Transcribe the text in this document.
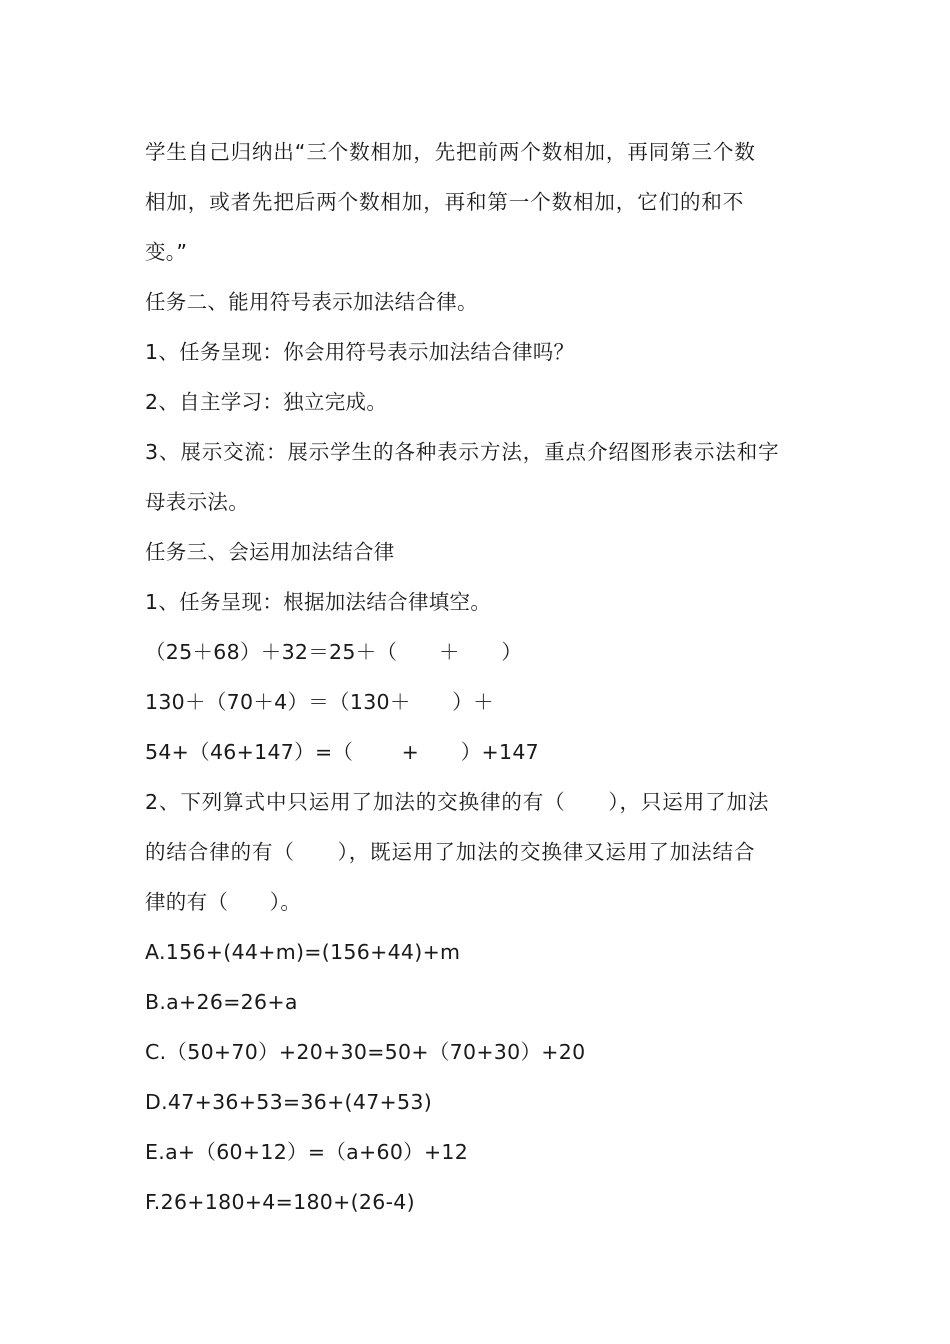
学生自己归纳出“三个数相加，先把前两个数相加，再同第三个数
相加，或者先把后两个数相加，再和第一个数相加，它们的和不
变。”
任务二、能用符号表示加法结合律。
1、任务呈现：你会用符号表示加法结合律吗？
2、自主学习：独立完成。
3、展示交流：展示学生的各种表示方法，重点介绍图形表示法和字
母表示法。
任务三、会运用加法结合律
1、任务呈现：根据加法结合律填空。
（25＋68）＋32＝25＋（　　＋　　）
130＋（70＋4）＝（130＋　　）＋
54+（46+147）=（　　 +　　）+147
2、下列算式中只运用了加法的交换律的有（　　），只运用了加法
的结合律的有（　　），既运用了加法的交换律又运用了加法结合
律的有（　　）。
A.156+(44+m)=(156+44)+m
B.a+26=26+a
C.（50+70）+20+30=50+（70+30）+20
D.47+36+53=36+(47+53)
E.a+（60+12）=（a+60）+12
F.26+180+4=180+(26-4)
